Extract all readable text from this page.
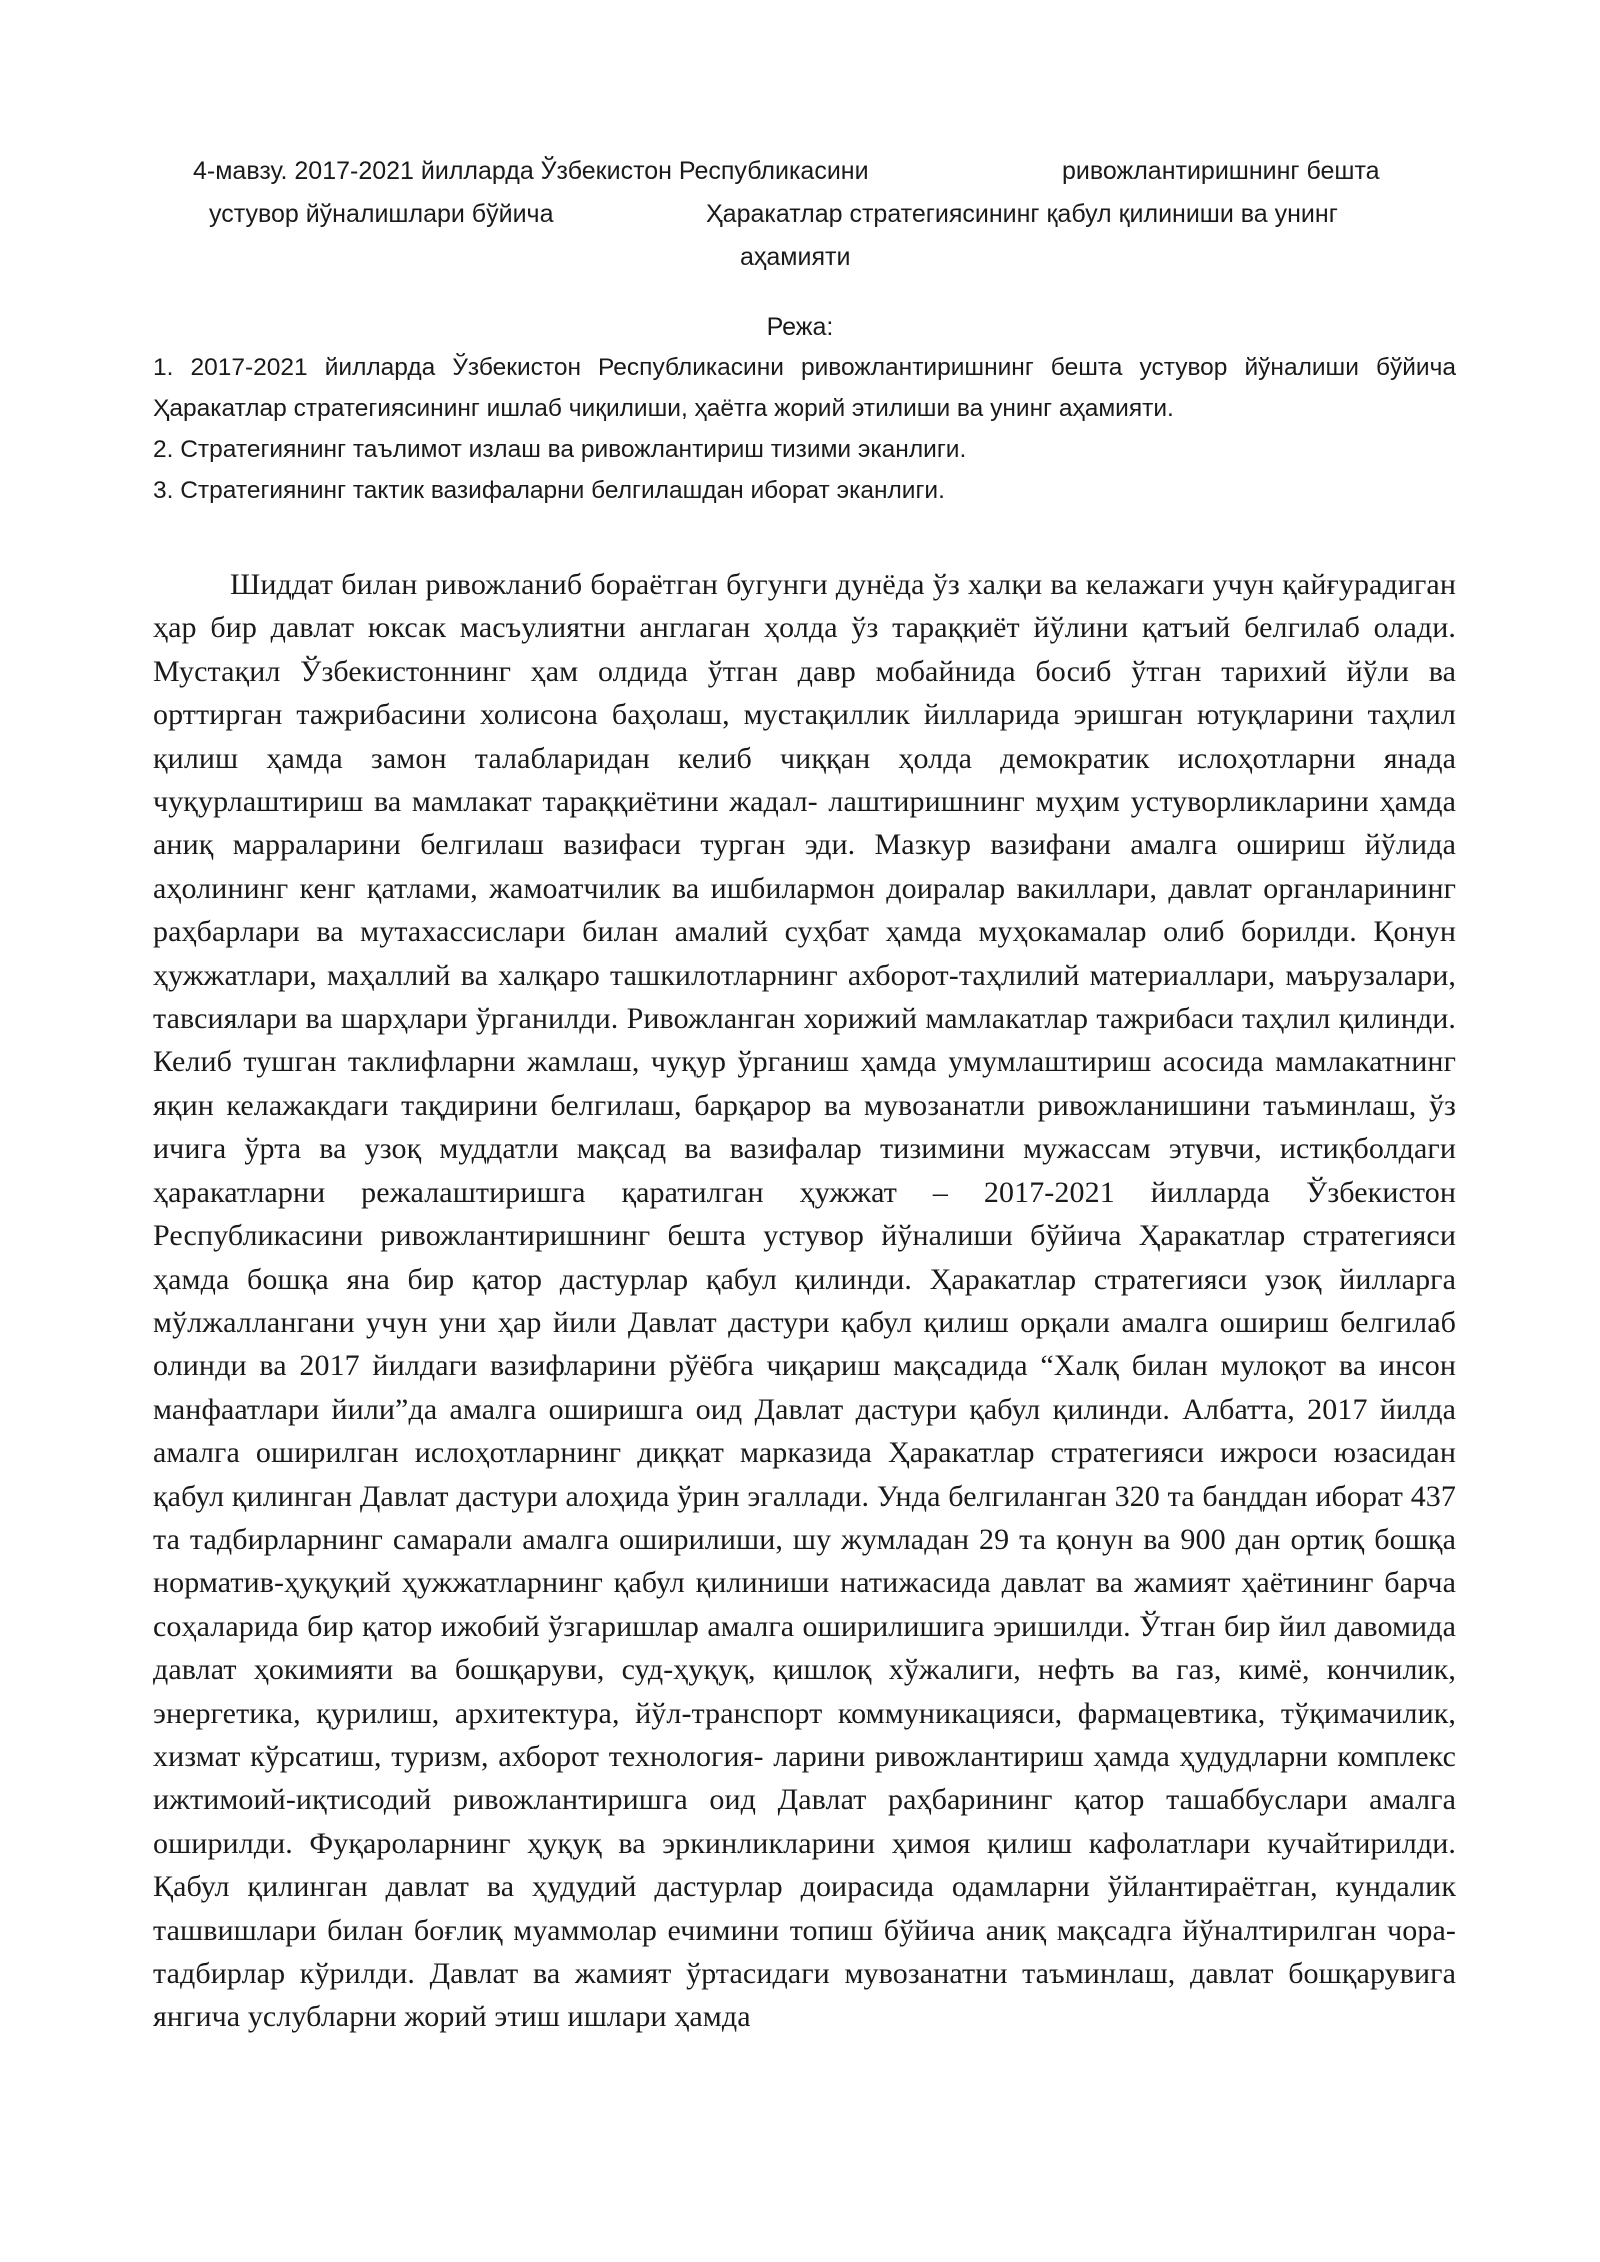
4-мавзу. 2017-2021 йилларда Ўзбекистон Республикасини	ривожлантиришнинг бешта
устувор йўналишлари бўйича	Ҳаракатлар стратегиясининг қабул қилиниши ва унинг
аҳамияти
Режа:
1. 2017-2021 йилларда Ўзбекистон Республикасини ривожлантиришнинг бешта устувор йўналиши бўйича Ҳаракатлар стратегиясининг ишлаб чиқилиши, ҳаётга жорий этилиши ва унинг аҳамияти.
2. Стратегиянинг таълимот излаш ва ривожлантириш тизими эканлиги.
3. Стратегиянинг тактик вазифаларни белгилашдан иборат эканлиги.

Шиддат билан ривожланиб бораётган бугунги дунёда ўз халқи ва келажаги учун қайғурадиган ҳар бир давлат юксак масъулиятни англаган ҳолда ўз тараққиёт йўлини қатъий белгилаб олади. Мустақил Ўзбекистоннинг ҳам олдида ўтган давр мобайнида босиб ўтган тарихий йўли ва орттирган тажрибасини холисона баҳолаш, мустақиллик йилларида эришган ютуқларини таҳлил қилиш ҳамда замон талабларидан келиб чиққан ҳолда демократик ислоҳотларни янада чуқурлаштириш ва мамлакат тараққиётини жадал- лаштиришнинг муҳим устуворликларини ҳамда аниқ марраларини белгилаш вазифаси турган эди. Мазкур вазифани амалга ошириш йўлида аҳолининг кенг қатлами, жамоатчилик ва ишбилармон доиралар вакиллари, давлат органларининг раҳбарлари ва мутахассислари билан амалий суҳбат ҳамда муҳокамалар олиб борилди. Қонун ҳужжатлари, маҳаллий ва халқаро ташкилотларнинг ахборот-таҳлилий материаллари, маърузалари, тавсиялари ва шарҳлари ўрганилди. Ривожланган хорижий мамлакатлар тажрибаси таҳлил қилинди. Келиб тушган таклифларни жамлаш, чуқур ўрганиш ҳамда умумлаштириш асосида мамлакатнинг яқин келажакдаги тақдирини белгилаш, барқарор ва мувозанатли ривожланишини таъминлаш, ўз ичига ўрта ва узоқ муддатли мақсад ва вазифалар тизимини мужассам этувчи, истиқболдаги ҳаракатларни режалаштиришга қаратилган ҳужжат – 2017-2021 йилларда Ўзбекистон Республикасини ривожлантиришнинг бешта устувор йўналиши бўйича Ҳаракатлар стратегияси ҳамда бошқа яна бир қатор дастурлар қабул қилинди. Ҳаракатлар стратегияси узоқ йилларга мўлжаллангани учун уни ҳар йили Давлат дастури қабул қилиш орқали амалга ошириш белгилаб олинди ва 2017 йилдаги вазифларини рўёбга чиқариш мақсадида “Халқ билан мулоқот ва инсон манфаатлари йили”да амалга оширишга оид Давлат дастури қабул қилинди. Албатта, 2017 йилда амалга оширилган ислоҳотларнинг диққат марказида Ҳаракатлар стратегияси ижроси юзасидан қабул қилинган Давлат дастури алоҳида ўрин эгаллади. Унда белгиланган 320 та банддан иборат 437 та тадбирларнинг самарали амалга оширилиши, шу жумладан 29 та қонун ва 900 дан ортиқ бошқа норматив-ҳуқуқий ҳужжатларнинг қабул қилиниши натижасида давлат ва жамият ҳаётининг барча соҳаларида бир қатор ижобий ўзгаришлар амалга оширилишига эришилди. Ўтган бир йил давомида давлат ҳокимияти ва бошқаруви, суд-ҳуқуқ, қишлоқ хўжалиги, нефть ва газ, кимё, кончилик, энергетика, қурилиш, архитектура, йўл-транспорт коммуникацияси, фармацевтика, тўқимачилик, хизмат кўрсатиш, туризм, ахборот технология- ларини ривожлантириш ҳамда ҳудудларни комплекс ижтимоий-иқтисодий ривожлантиришга оид Давлат раҳбарининг қатор ташаббуслари амалга оширилди. Фуқароларнинг ҳуқуқ ва эркинликларини ҳимоя қилиш кафолатлари кучайтирилди. Қабул қилинган давлат ва ҳудудий дастурлар доирасида одамларни ўйлантираётган, кундалик ташвишлари билан боғлиқ муаммолар ечимини топиш бўйича аниқ мақсадга йўналтирилган чора-тадбирлар кўрилди. Давлат ва жамият ўртасидаги мувозанатни таъминлаш, давлат бошқарувига янгича услубларни жорий этиш ишлари ҳамда
